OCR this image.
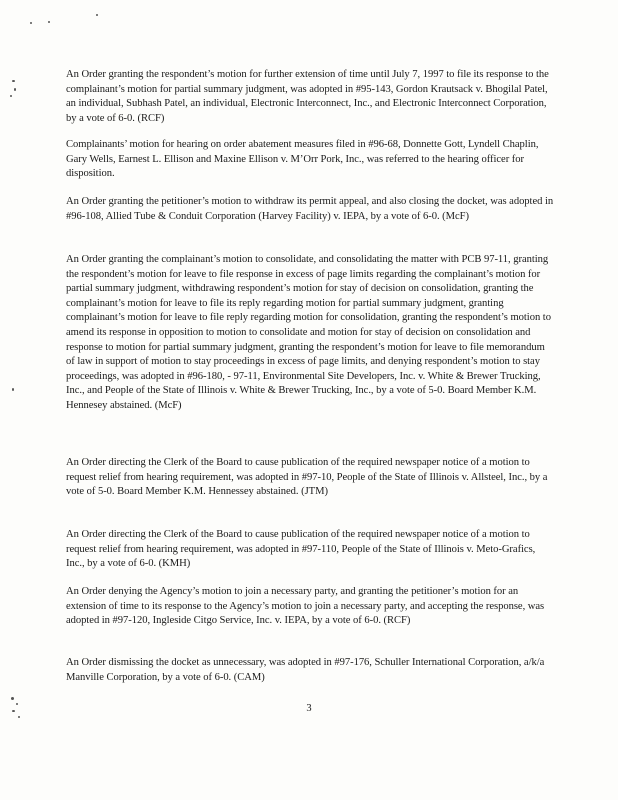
An Order granting the respondent’s motion for further extension of time until July 7, 1997 to file its response to the complainant’s motion for partial summary judgment, was adopted in #95-143, Gordon Krautsack v. Bhogilal Patel, an individual, Subhash Patel, an individual, Electronic Interconnect, Inc., and Electronic Interconnect Corporation, by a vote of 6-0. (RCF)

Complainants’ motion for hearing on order abatement measures filed in #96-68, Donnette Gott, Lyndell Chaplin, Gary Wells, Earnest L. Ellison and Maxine Ellison v. M’Orr Pork, Inc., was referred to the hearing officer for disposition.

An Order granting the petitioner’s motion to withdraw its permit appeal, and also closing the docket, was adopted in #96-108, Allied Tube & Conduit Corporation (Harvey Facility) v. IEPA, by a vote of 6-0. (McF)

An Order granting the complainant’s motion to consolidate, and consolidating the matter with PCB 97-11, granting the respondent’s motion for leave to file response in excess of page limits regarding the complainant’s motion for partial summary judgment, withdrawing respondent’s motion for stay of decision on consolidation, granting the complainant’s motion for leave to file its reply regarding motion for partial summary judgment, granting complainant’s motion for leave to file reply regarding motion for consolidation, granting the respondent’s motion to amend its response in opposition to motion to consolidate and motion for stay of decision on consolidation and response to motion for partial summary judgment, granting the respondent’s motion for leave to file memorandum of law in support of motion to stay proceedings in excess of page limits, and denying respondent’s motion to stay proceedings, was adopted in #96-180, - 97-11, Environmental Site Developers, Inc. v. White & Brewer Trucking, Inc., and People of the State of Illinois v. White & Brewer Trucking, Inc., by a vote of 5-0. Board Member K.M. Hennesey abstained. (McF)

An Order directing the Clerk of the Board to cause publication of the required newspaper notice of a motion to request relief from hearing requirement, was adopted in #97-10, People of the State of Illinois v. Allsteel, Inc., by a vote of 5-0. Board Member K.M. Hennessey abstained. (JTM)

An Order directing the Clerk of the Board to cause publication of the required newspaper notice of a motion to request relief from hearing requirement, was adopted in #97-110, People of the State of Illinois v. Meto-Grafics, Inc., by a vote of 6-0. (KMH)

An Order denying the Agency’s motion to join a necessary party, and granting the petitioner’s motion for an extension of time to its response to the Agency’s motion to join a necessary party, and accepting the response, was adopted in #97-120, Ingleside Citgo Service, Inc. v. IEPA, by a vote of 6-0. (RCF)

An Order dismissing the docket as unnecessary, was adopted in #97-176, Schuller International Corporation, a/k/a Manville Corporation, by a vote of 6-0. (CAM)

3
